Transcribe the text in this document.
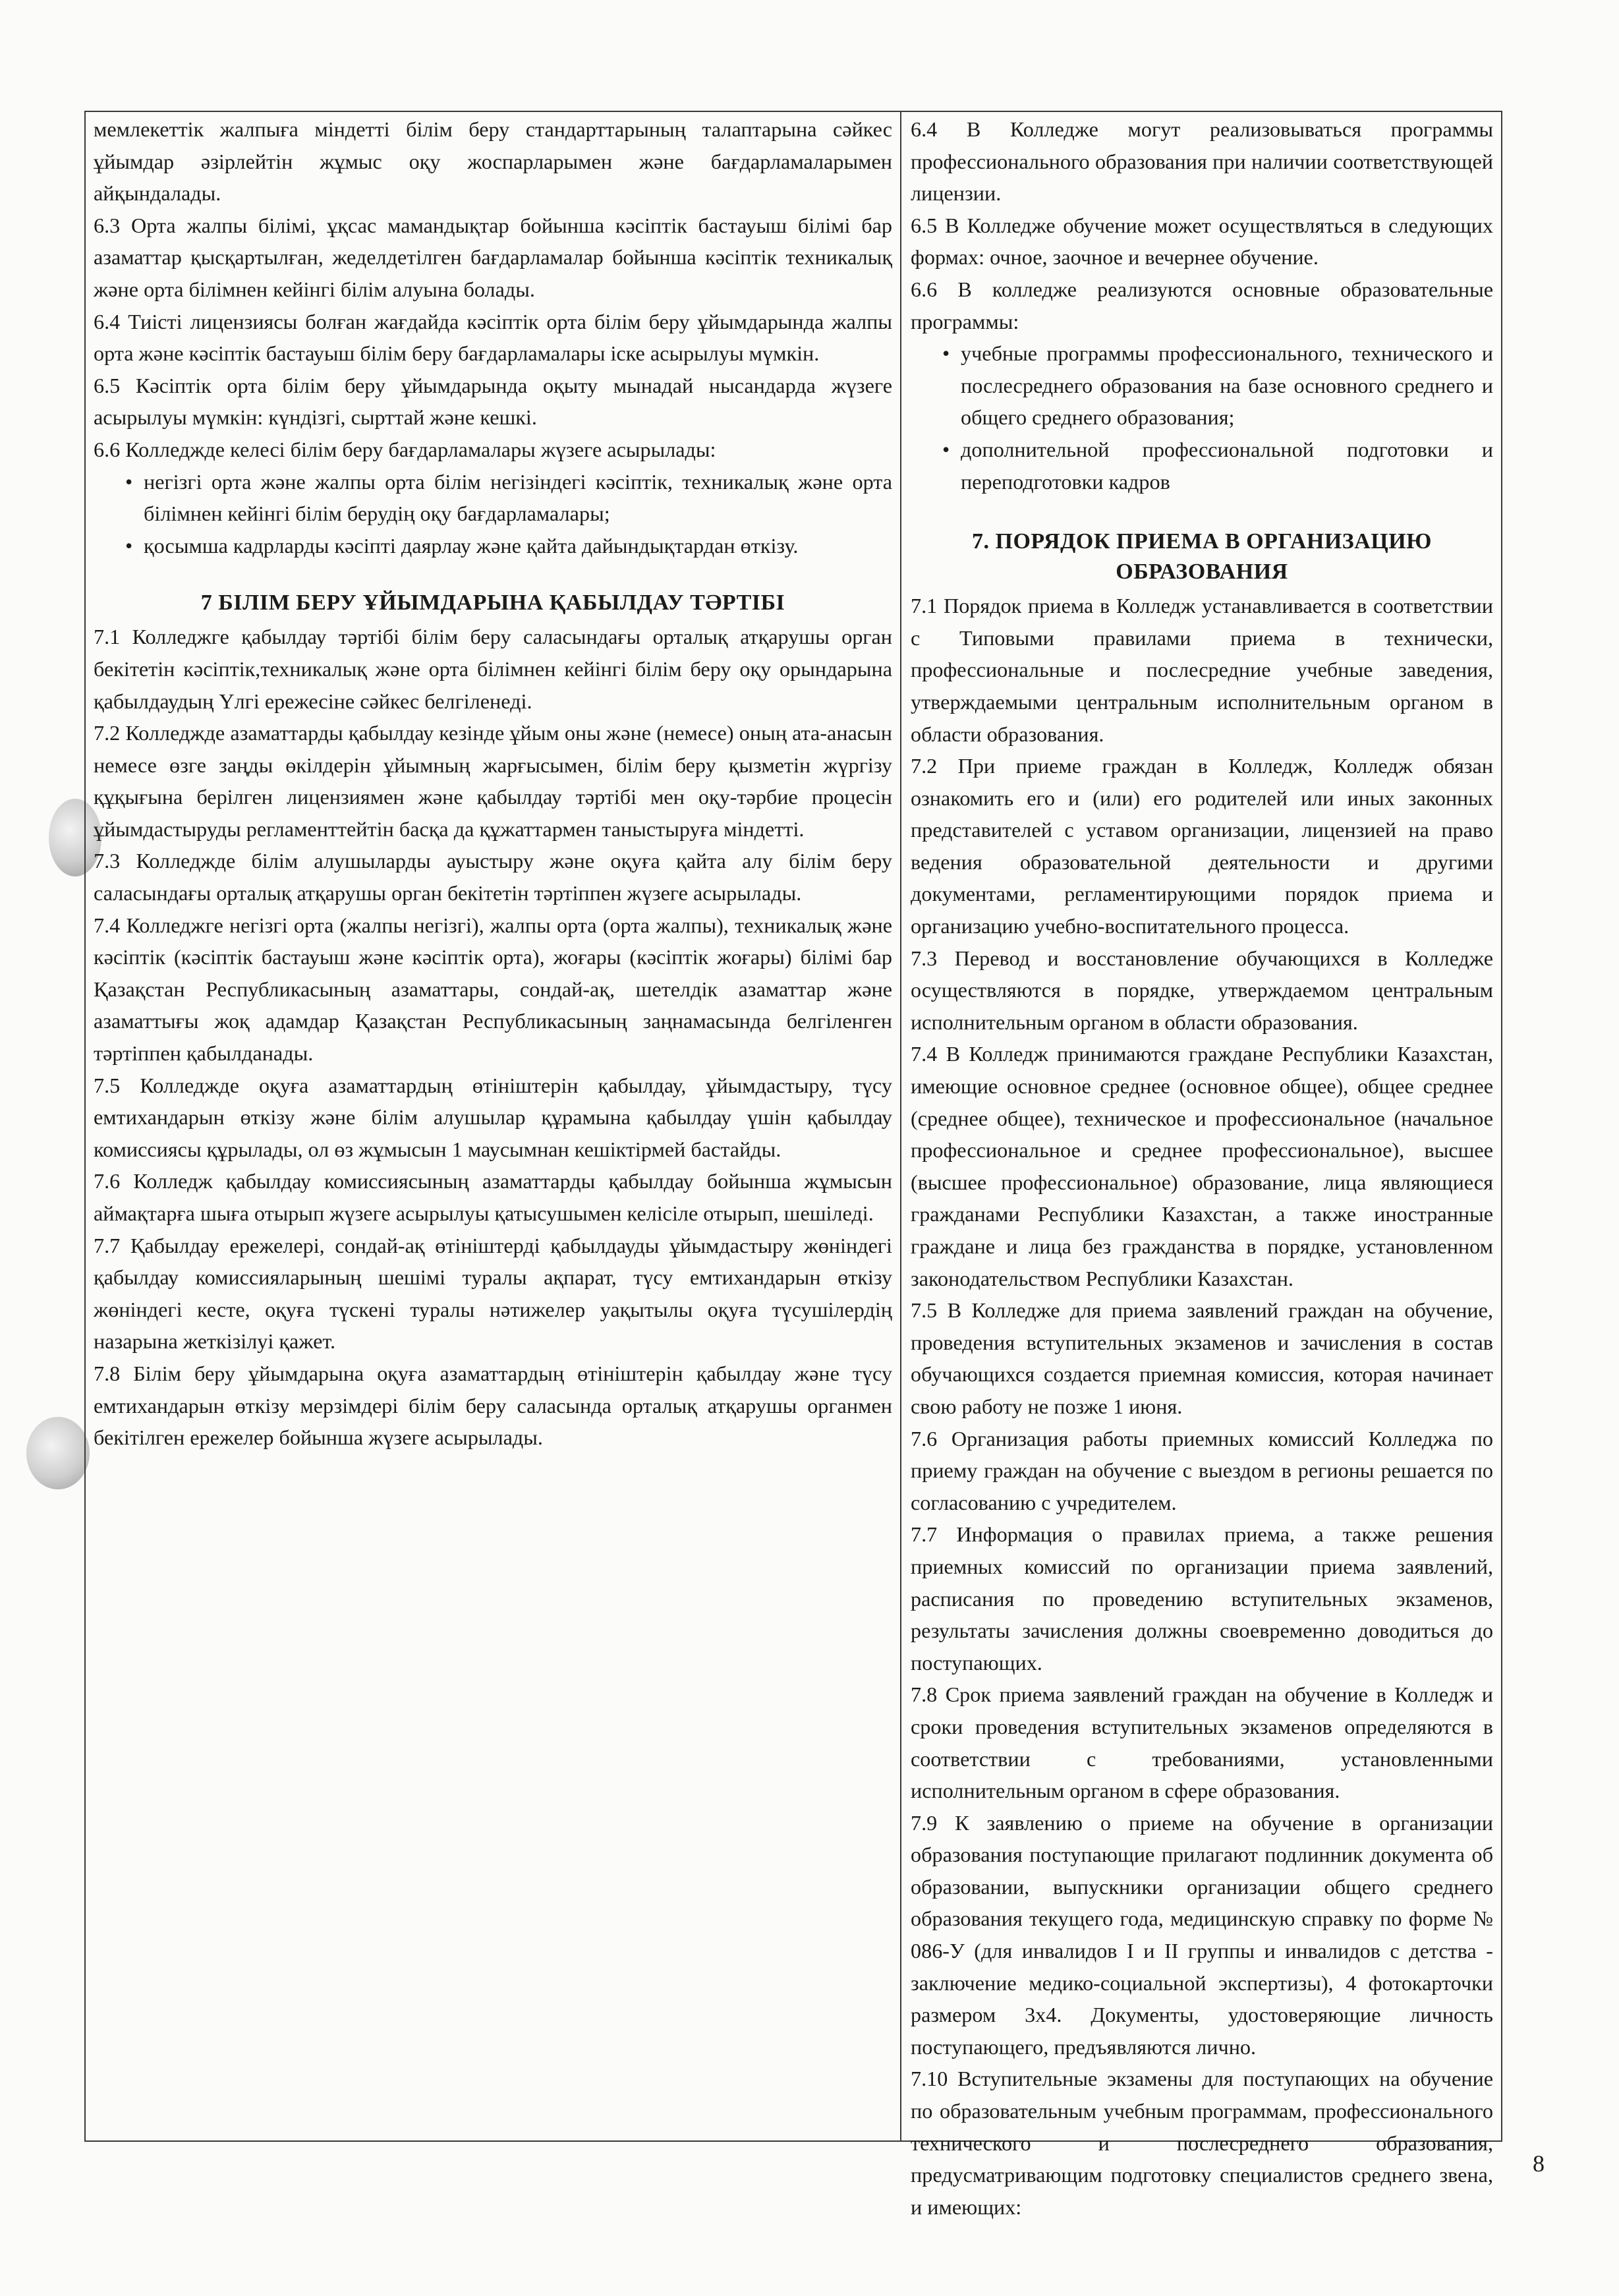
мемлекеттік жалпыға міндетті білім беру стандарттарының талаптарына сәйкес ұйымдар әзірлейтін жұмыс оқу жоспарларымен және бағдарламаларымен айқындалады.

6.3 Орта жалпы білімі, ұқсас мамандықтар бойынша кәсіптік бастауыш білімі бар азаматтар қысқартылған, жеделдетілген бағдарламалар бойынша кәсіптік техникалық және орта білімнен кейінгі білім алуына болады.

6.4 Тиісті лицензиясы болған жағдайда кәсіптік орта білім беру ұйымдарында жалпы орта және кәсіптік бастауыш білім беру бағдарламалары іске асырылуы мүмкін.

6.5 Кәсіптік орта білім беру ұйымдарында оқыту мынадай нысандарда жүзеге асырылуы мүмкін: күндізгі, сырттай және кешкі.

6.6 Колледжде келесі білім беру бағдарламалары жүзеге асырылады:

• негізгі орта және жалпы орта білім негізіндегі кәсіптік, техникалық және орта білімнен кейінгі білім берудің оқу бағдарламалары;

• қосымша кадрларды кәсіпті даярлау және қайта дайындықтардан өткізу.

7 БІЛІМ БЕРУ ҰЙЫМДАРЫНА ҚАБЫЛДАУ ТӘРТІБІ

7.1 Колледжге қабылдау тәртібі білім беру саласындағы орталық атқарушы орган бекітетін кәсіптік,техникалық және орта білімнен кейінгі білім беру оқу орындарына қабылдаудың Үлгі ережесіне сәйкес белгіленеді.

7.2 Колледжде азаматтарды қабылдау кезінде ұйым оны және (немесе) оның ата-анасын немесе өзге заңды өкілдерін ұйымның жарғысымен, білім беру қызметін жүргізу құқығына берілген лицензиямен және қабылдау тәртібі мен оқу-тәрбие процесін ұйымдастыруды регламенттейтін басқа да құжаттармен таныстыруға міндетті.

7.3 Колледжде білім алушыларды ауыстыру және оқуға қайта алу білім беру саласындағы орталық атқарушы орган бекітетін тәртіппен жүзеге асырылады.

7.4 Колледжге негізгі орта (жалпы негізгі), жалпы орта (орта жалпы), техникалық және кәсіптік (кәсіптік бастауыш және кәсіптік орта), жоғары (кәсіптік жоғары) білімі бар Қазақстан Республикасының азаматтары, сондай-ақ, шетелдік азаматтар және азаматтығы жоқ адамдар Қазақстан Республикасының заңнамасында белгіленген тәртіппен қабылданады.

7.5 Колледжде оқуға азаматтардың өтініштерін қабылдау, ұйымдастыру, түсу емтихандарын өткізу және білім алушылар құрамына қабылдау үшін қабылдау комиссиясы құрылады, ол өз жұмысын 1 маусымнан кешіктірмей бастайды.

7.6 Колледж қабылдау комиссиясының азаматтарды қабылдау бойынша жұмысын аймақтарға шыға отырып жүзеге асырылуы қатысушымен келісіле отырып, шешіледі.

7.7 Қабылдау ережелері, сондай-ақ өтініштерді қабылдауды ұйымдастыру жөніндегі қабылдау комиссияларының шешімі туралы ақпарат, түсу емтихандарын өткізу жөніндегі кесте, оқуға түскені туралы нәтижелер уақытылы оқуға түсушілердің назарына жеткізілуі қажет.

7.8 Білім беру ұйымдарына оқуға азаматтардың өтініштерін қабылдау және түсу емтихандарын өткізу мерзімдері білім беру саласында орталық атқарушы органмен бекітілген ережелер бойынша жүзеге асырылады.

6.4 В Колледже могут реализовываться программы профессионального образования при наличии соответствующей лицензии.

6.5 В Колледже обучение может осуществляться в следующих формах: очное, заочное и вечернее обучение.

6.6 В колледже реализуются основные образовательные программы:

• учебные программы профессионального, технического и послесреднего образования на базе основного среднего и общего среднего образования;

• дополнительной профессиональной подготовки и переподготовки кадров

7. ПОРЯДОК ПРИЕМА В ОРГАНИЗАЦИЮ ОБРАЗОВАНИЯ

7.1 Порядок приема в Колледж устанавливается в соответствии с Типовыми правилами приема в технически, профессиональные и послесредние учебные заведения, утверждаемыми центральным исполнительным органом в области образования.

7.2 При приеме граждан в Колледж, Колледж обязан ознакомить его и (или) его родителей или иных законных представителей с уставом организации, лицензией на право ведения образовательной деятельности и другими документами, регламентирующими порядок приема и организацию учебно-воспитательного процесса.

7.3 Перевод и восстановление обучающихся в Колледже осуществляются в порядке, утверждаемом центральным исполнительным органом в области образования.

7.4 В Колледж принимаются граждане Республики Казахстан, имеющие основное среднее (основное общее), общее среднее (среднее общее), техническое и профессиональное (начальное профессиональное и среднее профессиональное), высшее (высшее профессиональное) образование, лица являющиеся гражданами Республики Казахстан, а также иностранные граждане и лица без гражданства в порядке, установленном законодательством Республики Казахстан.

7.5 В Колледже для приема заявлений граждан на обучение, проведения вступительных экзаменов и зачисления в состав обучающихся создается приемная комиссия, которая начинает свою работу не позже 1 июня.

7.6 Организация работы приемных комиссий Колледжа по приему граждан на обучение с выездом в регионы решается по согласованию с учредителем.

7.7 Информация о правилах приема, а также решения приемных комиссий по организации приема заявлений, расписания по проведению вступительных экзаменов, результаты зачисления должны своевременно доводиться до поступающих.

7.8 Срок приема заявлений граждан на обучение в Колледж и сроки проведения вступительных экзаменов определяются в соответствии с требованиями, установленными исполнительным органом в сфере образования.

7.9 К заявлению о приеме на обучение в организации образования поступающие прилагают подлинник документа об образовании, выпускники организации общего среднего образования текущего года, медицинскую справку по форме № 086-У (для инвалидов I и II группы и инвалидов с детства - заключение медико-социальной экспертизы), 4 фотокарточки размером 3х4. Документы, удостоверяющие личность поступающего, предъявляются лично.

7.10 Вступительные экзамены для поступающих на обучение по образовательным учебным программам, профессионального технического и послесреднего образования, предусматривающим подготовку специалистов среднего звена, и имеющих:

8
